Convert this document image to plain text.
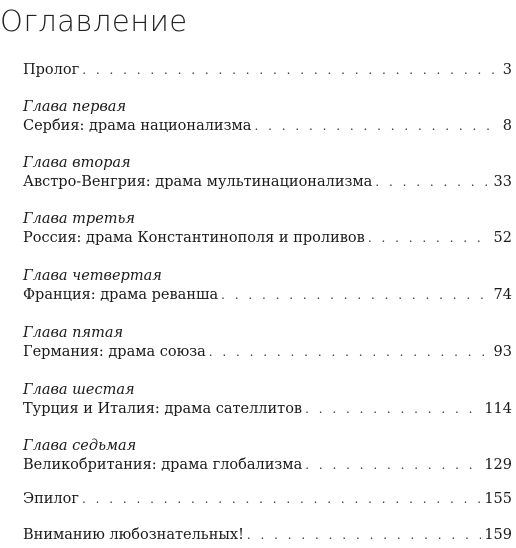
Оглавление
Пролог . . .	3
Глава первая
Сербия: драма национализма . . .	8
Глава вторая
Австро-Венгрия: драма мультинационализма . . .	33
Глава третья
Россия: драма Константинополя и проливов . . .	52
Глава четвертая
Франция: драма реванша . . .	74
Глава пятая
Германия: драма союза . . .	93
Глава шестая
Турция и Италия: драма сателлитов . . .	114
Глава седьмая
Великобритания: драма глобализма . . .	129
Эпилог . . .	155
Вниманию любознательных! . . .	159
